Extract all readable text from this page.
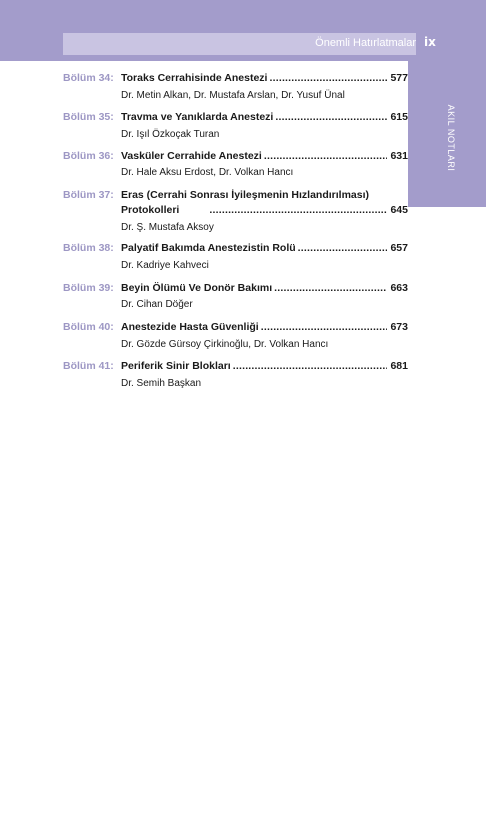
Önemli Hatırlatmalar ix
AKIL NOTLARI
Bölüm 34: Toraks Cerrahisinde Anestezi .....	577
Dr. Metin Alkan, Dr. Mustafa Arslan, Dr. Yusuf Ünal
Bölüm 35: Travma ve Yanıklarda Anestezi .....	615
Dr. Işıl Özkoçak Turan
Bölüm 36: Vasküler Cerrahide Anestezi .....	631
Dr. Hale Aksu Erdost, Dr. Volkan Hancı
Bölüm 37: Eras (Cerrahi Sonrası İyileşmenin Hızlandırılması)
Protokolleri .....	645
Dr. Ş. Mustafa Aksoy
Bölüm 38: Palyatif Bakımda Anestezistin Rolü .....	657
Dr. Kadriye Kahveci
Bölüm 39: Beyin Ölümü Ve Donör Bakımı .....	663
Dr. Cihan Döğer
Bölüm 40: Anestezide Hasta Güvenliği .....	673
Dr. Gözde Gürsoy Çirkinoğlu, Dr. Volkan Hancı
Bölüm 41: Periferik Sinir Blokları .....	681
Dr. Semih Başkan
